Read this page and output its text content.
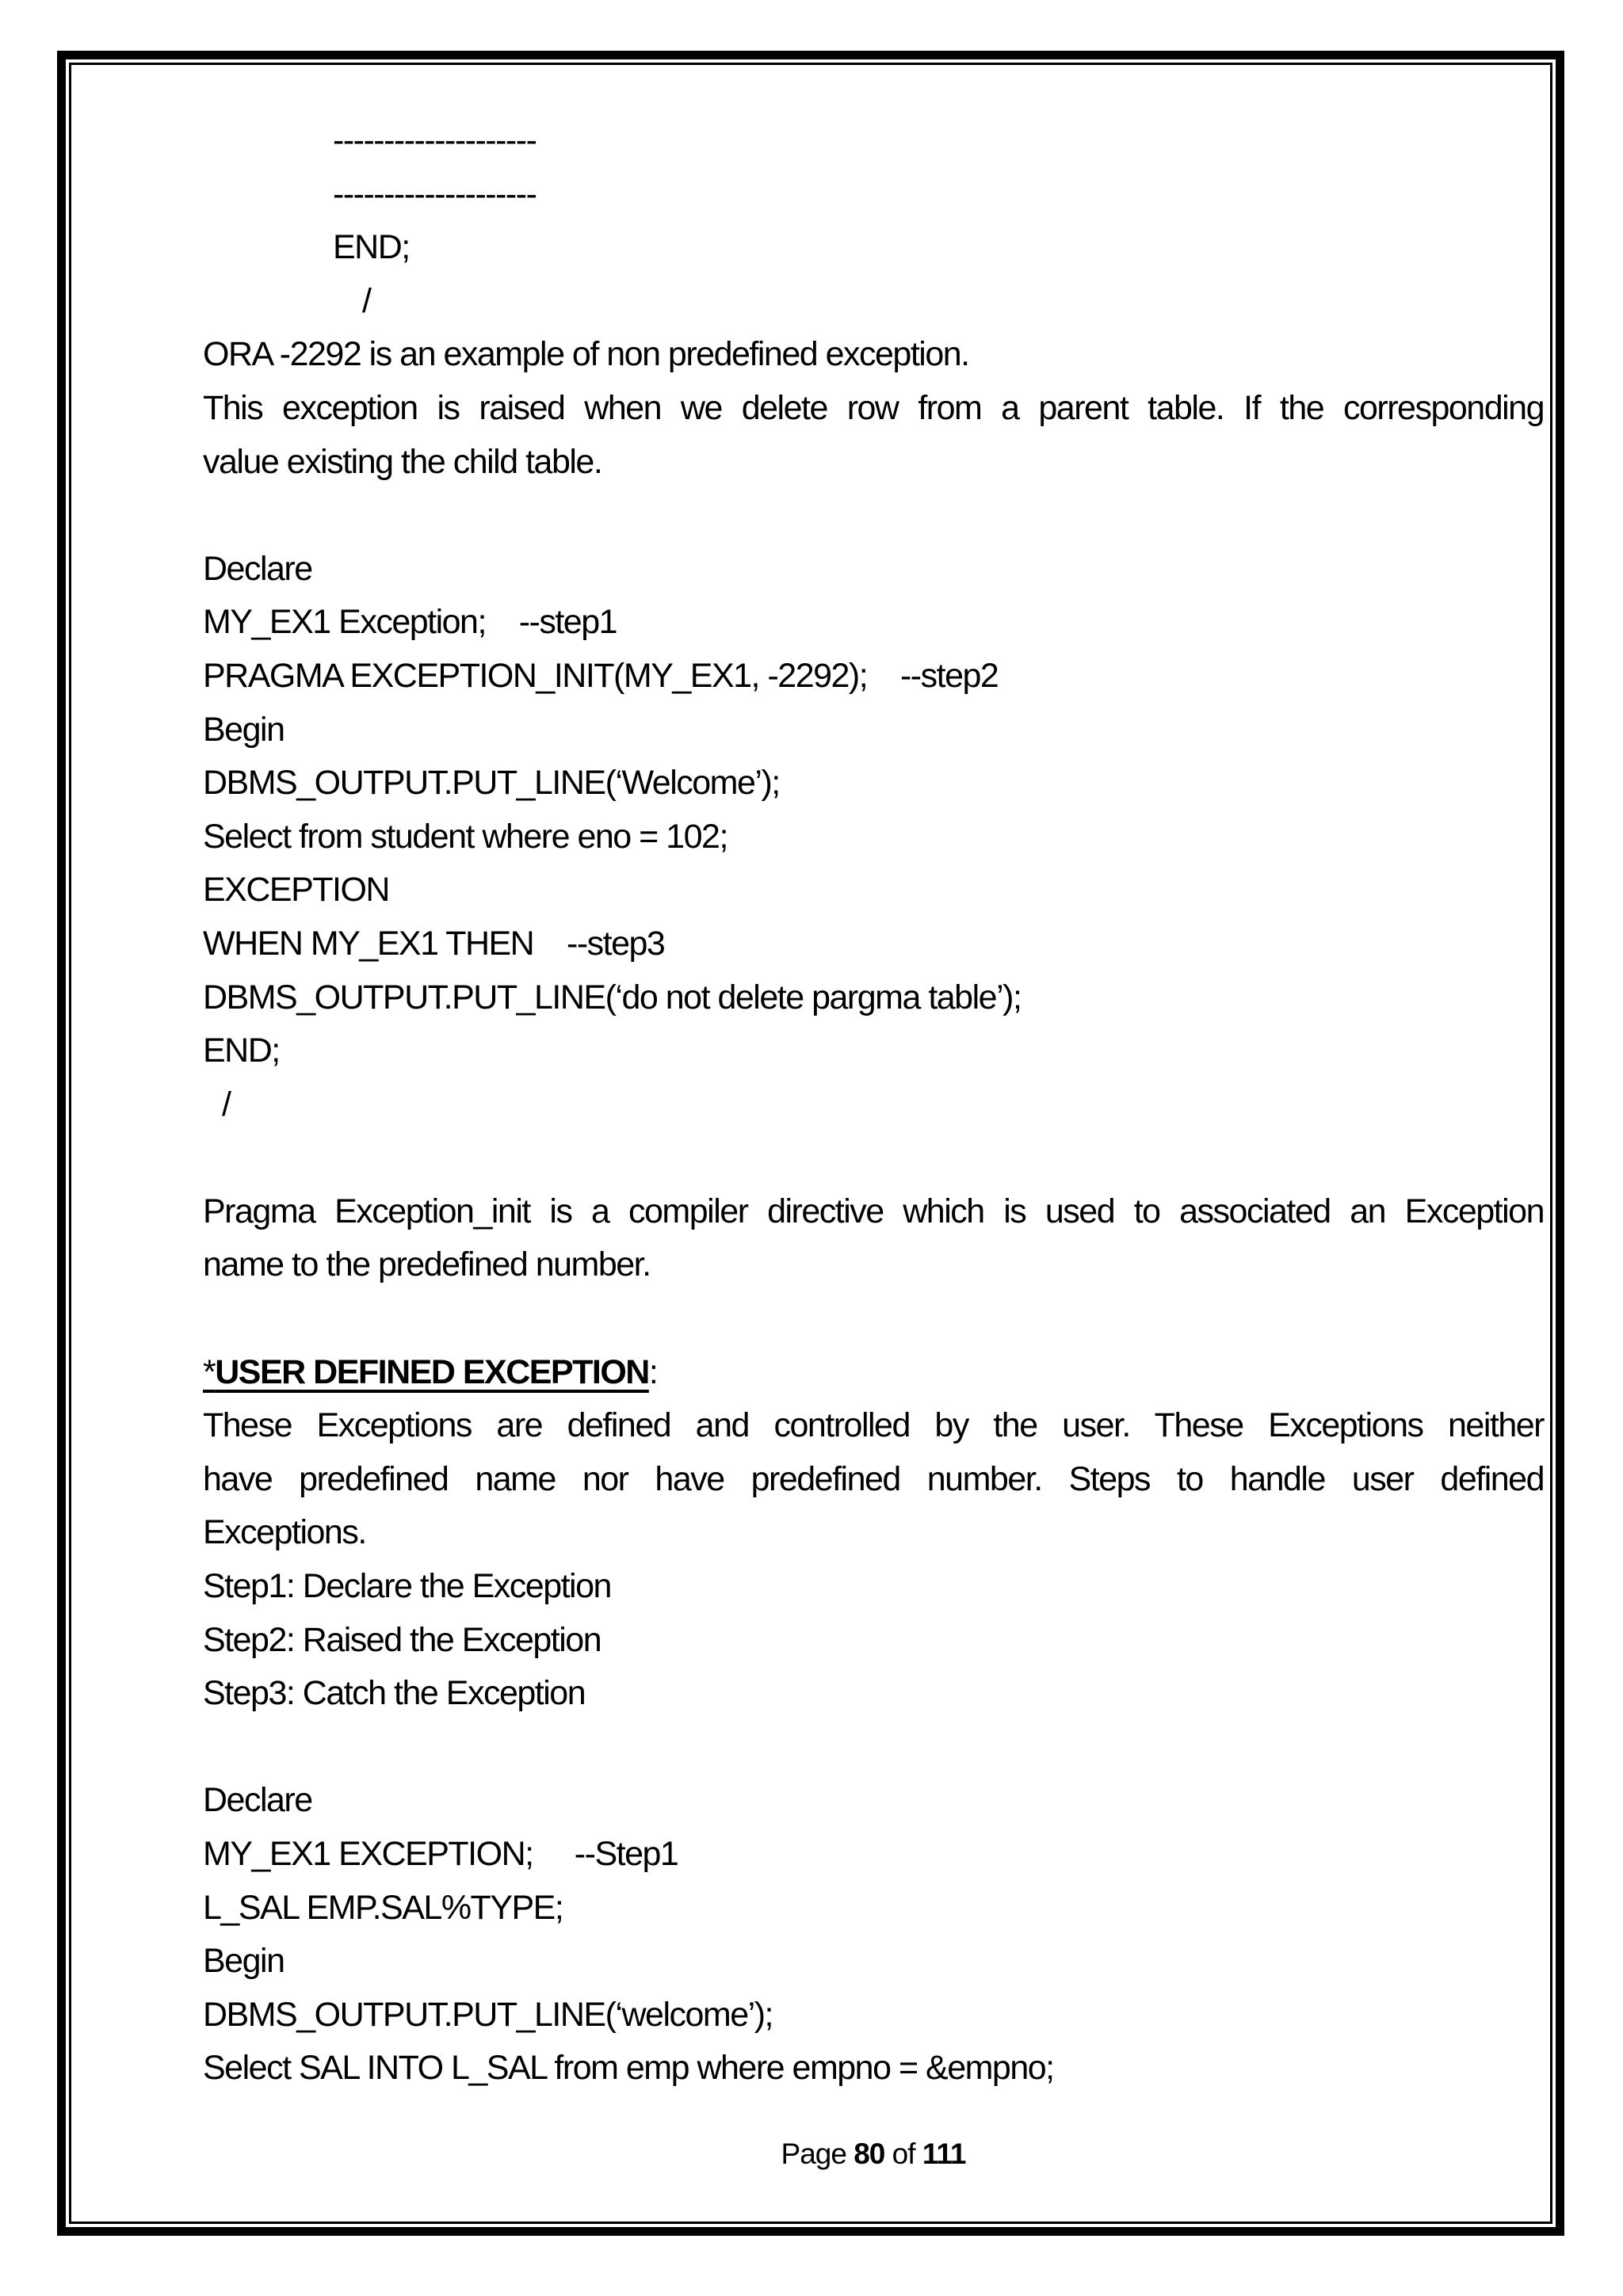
--------------------
--------------------
END;
/
ORA -2292 is an example of non predefined exception.
This exception is raised when we delete row from a parent table. If the corresponding
value existing the child table.
Declare
MY_EX1 Exception;    --step1
PRAGMA EXCEPTION_INIT(MY_EX1, -2292);    --step2
Begin
DBMS_OUTPUT.PUT_LINE(‘Welcome’);
Select from student where eno = 102;
EXCEPTION
WHEN MY_EX1 THEN    --step3
DBMS_OUTPUT.PUT_LINE(‘do not delete pargma table’);
END;
/
Pragma Exception_init is a compiler directive which is used to associated an Exception
name to the predefined number.
*USER DEFINED EXCEPTION:
These Exceptions are defined and controlled by the user. These Exceptions neither
have predefined name nor have predefined number. Steps to handle user defined
Exceptions.
Step1: Declare the Exception
Step2: Raised the Exception
Step3: Catch the Exception
Declare
MY_EX1 EXCEPTION;     --Step1
L_SAL EMP.SAL%TYPE;
Begin
DBMS_OUTPUT.PUT_LINE(‘welcome’);
Select SAL INTO L_SAL from emp where empno = &empno;
Page 80 of 111
